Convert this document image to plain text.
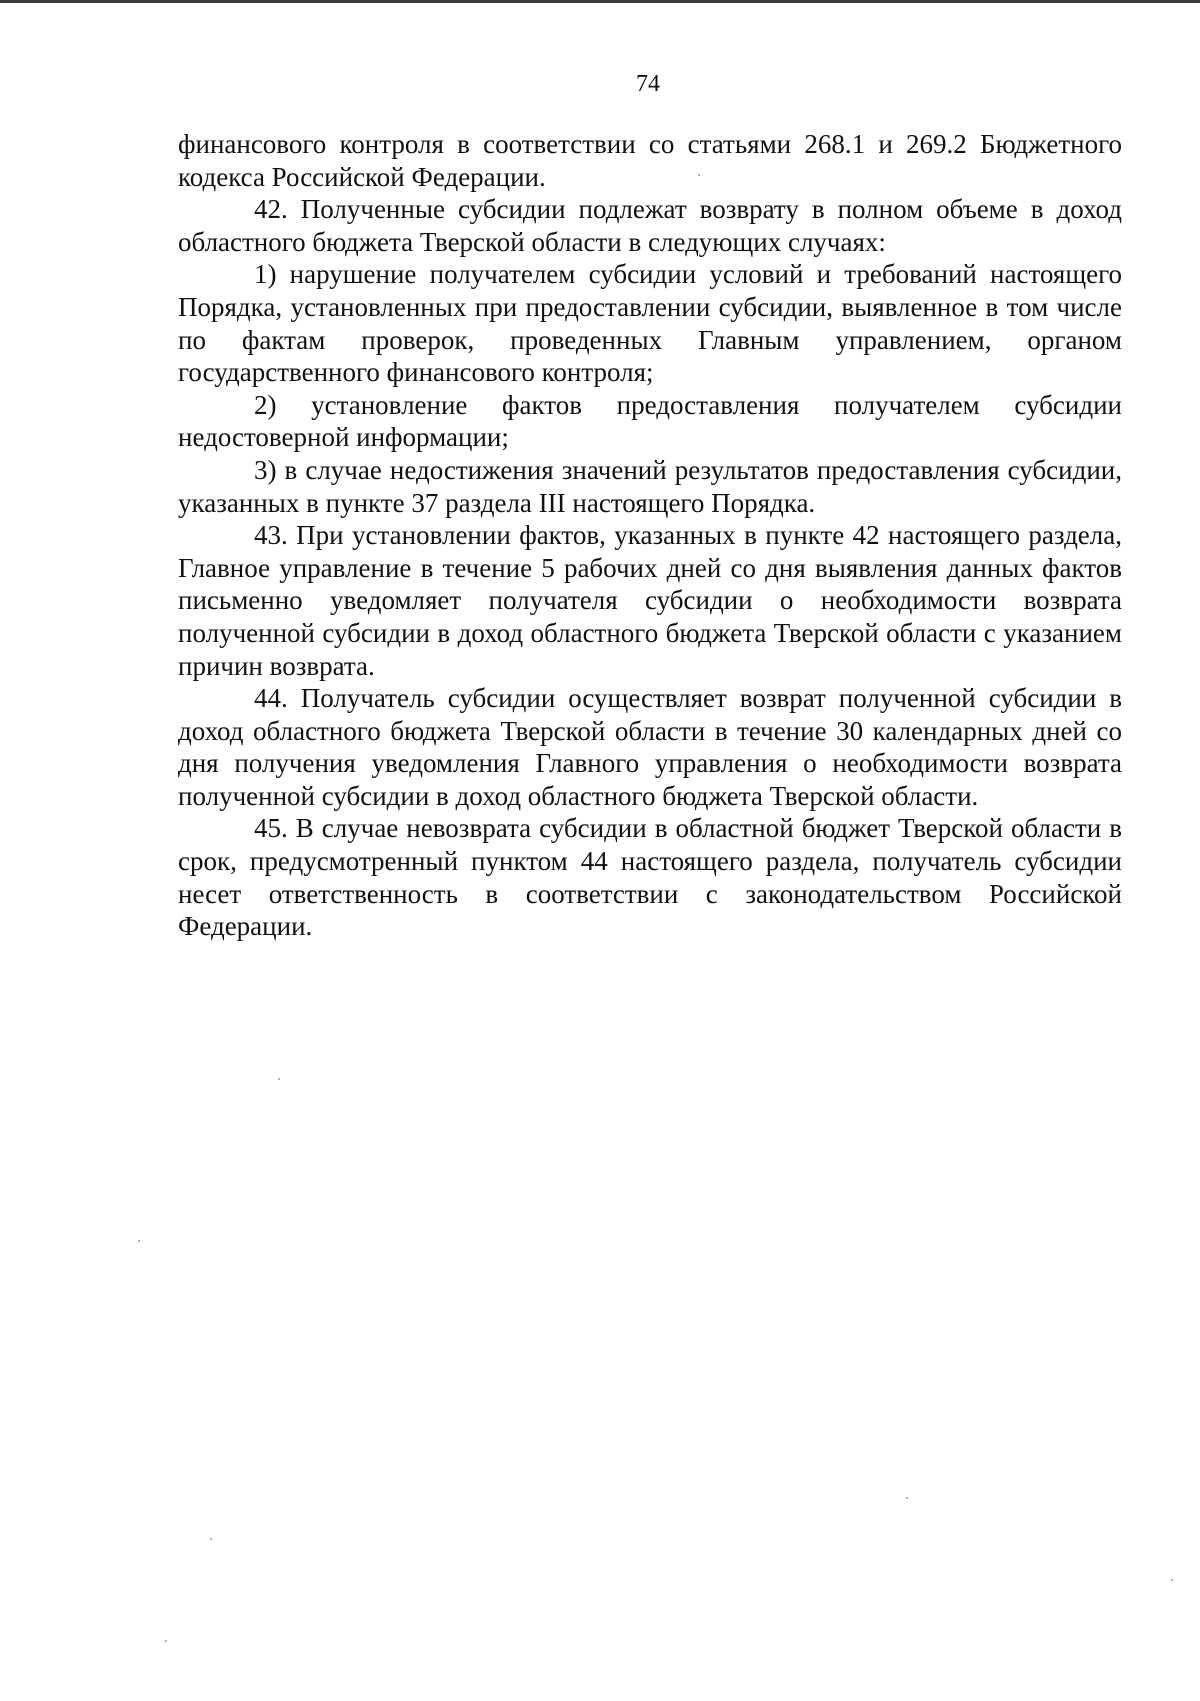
74

финансового контроля в соответствии со статьями 268.1 и 269.2 Бюджетного кодекса Российской Федерации.

42. Полученные субсидии подлежат возврату в полном объеме в доход областного бюджета Тверской области в следующих случаях:

1) нарушение получателем субсидии условий и требований настоящего Порядка, установленных при предоставлении субсидии, выявленное в том числе по фактам проверок, проведенных Главным управлением, органом государственного финансового контроля;

2) установление фактов предоставления получателем субсидии недостоверной информации;

3) в случае недостижения значений результатов предоставления субсидии, указанных в пункте 37 раздела III настоящего Порядка.

43. При установлении фактов, указанных в пункте 42 настоящего раздела, Главное управление в течение 5 рабочих дней со дня выявления данных фактов письменно уведомляет получателя субсидии о необходимости возврата полученной субсидии в доход областного бюджета Тверской области с указанием причин возврата.

44. Получатель субсидии осуществляет возврат полученной субсидии в доход областного бюджета Тверской области в течение 30 календарных дней со дня получения уведомления Главного управления о необходимости возврата полученной субсидии в доход областного бюджета Тверской области.

45. В случае невозврата субсидии в областной бюджет Тверской области в срок, предусмотренный пунктом 44 настоящего раздела, получатель субсидии несет ответственность в соответствии с законодательством Российской Федерации.
